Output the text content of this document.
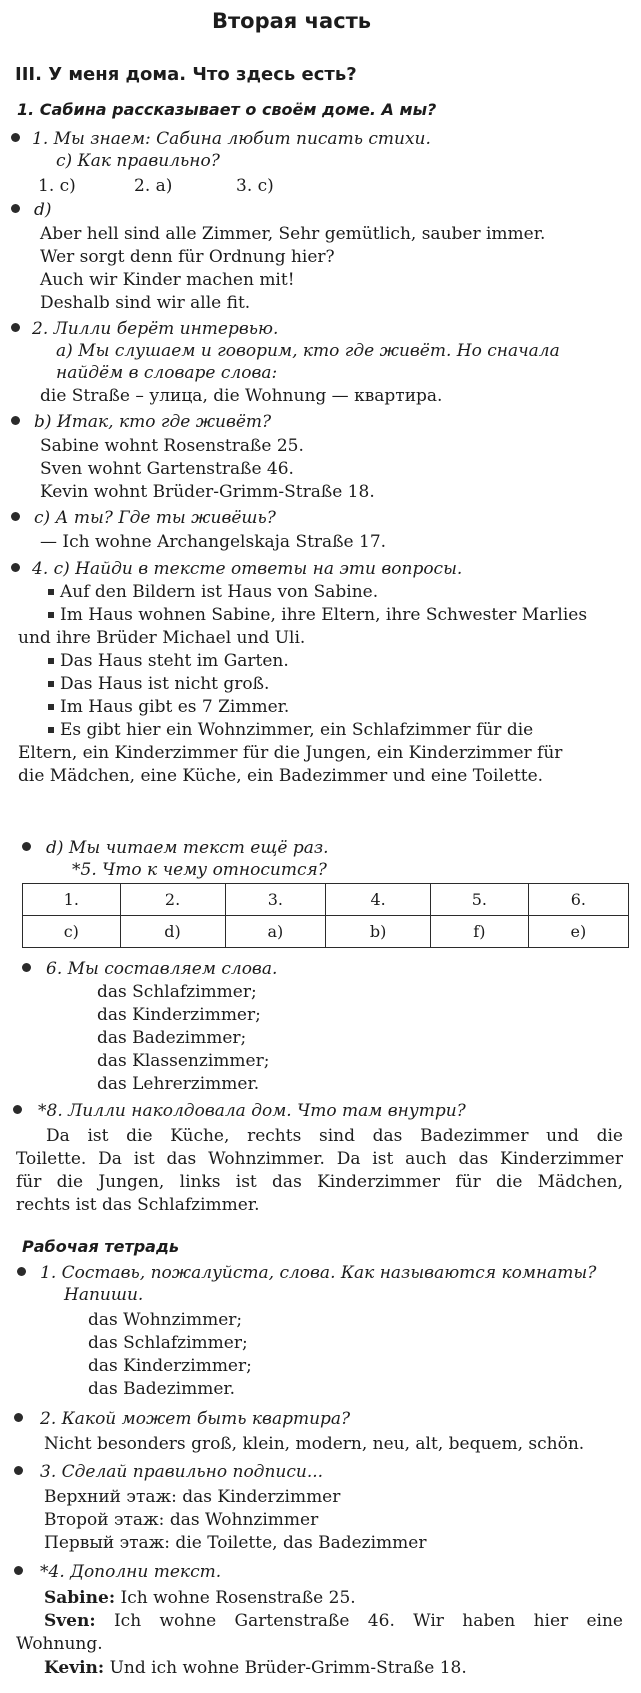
Вторая часть
III. У меня дома. Что здесь есть?
1. Сабина рассказывает о своём доме. А мы?
1. Мы знаем: Сабина любит писать стихи.
c) Как правильно?
1. c)	2. a)	3. c)
d)
Aber hell sind alle Zimmer, Sehr gemütlich, sauber immer.
Wer sorgt denn für Ordnung hier?
Auch wir Kinder machen mit!
Deshalb sind wir alle fit.
2. Лилли берёт интервью.
a) Мы слушаем и говорим, кто где живёт. Но сначала
найдём в словаре слова:
die Straße – улица, die Wohnung — квартира.
b) Итак, кто где живёт?
Sabine wohnt Rosenstraße 25.
Sven wohnt Gartenstraße 46.
Kevin wohnt Brüder-Grimm-Straße 18.
c) А ты? Где ты живёшь?
— Ich wohne Archangelskaja Straße 17.
4. c) Найди в тексте ответы на эти вопросы.
Auf den Bildern ist Haus von Sabine.
Im Haus wohnen Sabine, ihre Eltern, ihre Schwester Marlies
und ihre Brüder Michael und Uli.
Das Haus steht im Garten.
Das Haus ist nicht groß.
Im Haus gibt es 7 Zimmer.
Es gibt hier ein Wohnzimmer, ein Schlafzimmer für die
Eltern, ein Kinderzimmer für die Jungen, ein Kinderzimmer für
die Mädchen, eine Küche, ein Badezimmer und eine Toilette.
d) Мы читаем текст ещё раз.
*5. Что к чему относится?
1.	2.	3.	4.	5.	6.
c)	d)	a)	b)	f)	e)
6. Мы составляем слова.
das Schlafzimmer;
das Kinderzimmer;
das Badezimmer;
das Klassenzimmer;
das Lehrerzimmer.
*8. Лилли наколдовала дом. Что там внутри?
Da ist die Küche, rechts sind das Badezimmer und die
Toilette. Da ist das Wohnzimmer. Da ist auch das Kinderzimmer
für die Jungen, links ist das Kinderzimmer für die Mädchen,
rechts ist das Schlafzimmer.
Рабочая тетрадь
1. Составь, пожалуйста, слова. Как называются комнаты?
Напиши.
das Wohnzimmer;
das Schlafzimmer;
das Kinderzimmer;
das Badezimmer.
2. Какой может быть квартира?
Nicht besonders groß, klein, modern, neu, alt, bequem, schön.
3. Сделай правильно подписи...
Верхний этаж: das Kinderzimmer
Второй этаж: das Wohnzimmer
Первый этаж: die Toilette, das Badezimmer
*4. Дополни текст.
Sabine: Ich wohne Rosenstraße 25.
Sven: Ich wohne Gartenstraße 46. Wir haben hier eine
Wohnung.
Kevin: Und ich wohne Brüder-Grimm-Straße 18.
